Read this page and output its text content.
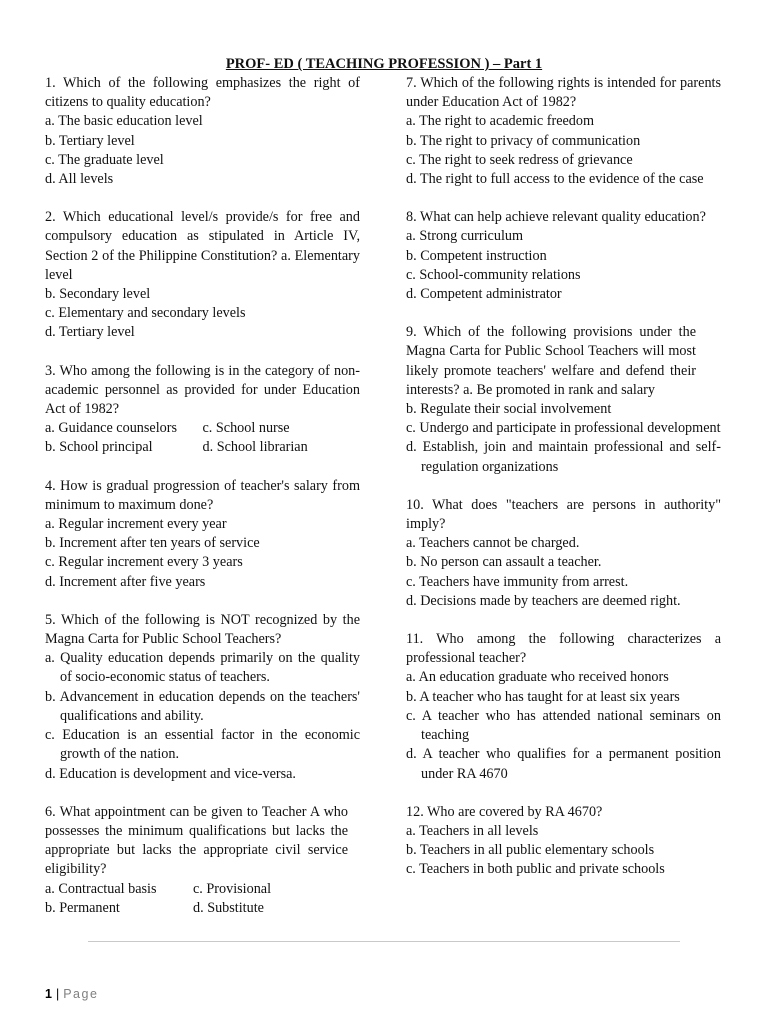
PROF- ED ( TEACHING PROFESSION ) – Part 1
1. Which of the following emphasizes the right of citizens to quality education?
a. The basic education level
b. Tertiary level
c. The graduate level
d. All levels
2. Which educational level/s provide/s for free and compulsory education as stipulated in Article IV, Section 2 of the Philippine Constitution? a. Elementary level
b. Secondary level
c. Elementary and secondary levels
d. Tertiary level
3. Who among the following is in the category of non-academic personnel as provided for under Education Act of 1982?
a. Guidance counselors	c. School nurse
b. School principal	d. School librarian
4. How is gradual progression of teacher's salary from minimum to maximum done?
a. Regular increment every year
b. Increment after ten years of service
c. Regular increment every 3 years
d. Increment after five years
5. Which of the following is NOT recognized by the Magna Carta for Public School Teachers?
a. Quality education depends primarily on the quality of socio-economic status of teachers.
b. Advancement in education depends on the teachers' qualifications and ability.
c. Education is an essential factor in the economic growth of the nation.
d. Education is development and vice-versa.
6. What appointment can be given to Teacher A who possesses the minimum qualifications but lacks the appropriate but lacks the appropriate civil service eligibility?
a. Contractual basis	c. Provisional
b. Permanent	d. Substitute
7. Which of the following rights is intended for parents under Education Act of 1982?
a. The right to academic freedom
b. The right to privacy of communication
c. The right to seek redress of grievance
d. The right to full access to the evidence of the case
8. What can help achieve relevant quality education?
a. Strong curriculum
b. Competent instruction
c. School-community relations
d. Competent administrator
9. Which of the following provisions under the Magna Carta for Public School Teachers will most likely promote teachers' welfare and defend their interests? a. Be promoted in rank and salary
b. Regulate their social involvement
c. Undergo and participate in professional development
d. Establish, join and maintain professional and self-regulation organizations
10. What does "teachers are persons in authority" imply?
a. Teachers cannot be charged.
b. No person can assault a teacher.
c. Teachers have immunity from arrest.
d. Decisions made by teachers are deemed right.
11. Who among the following characterizes a professional teacher?
a. An education graduate who received honors
b. A teacher who has taught for at least six years
c. A teacher who has attended national seminars on teaching
d. A teacher who qualifies for a permanent position under RA 4670
12. Who are covered by RA 4670?
a. Teachers in all levels
b. Teachers in all public elementary schools
c. Teachers in both public and private schools
1 | Page
